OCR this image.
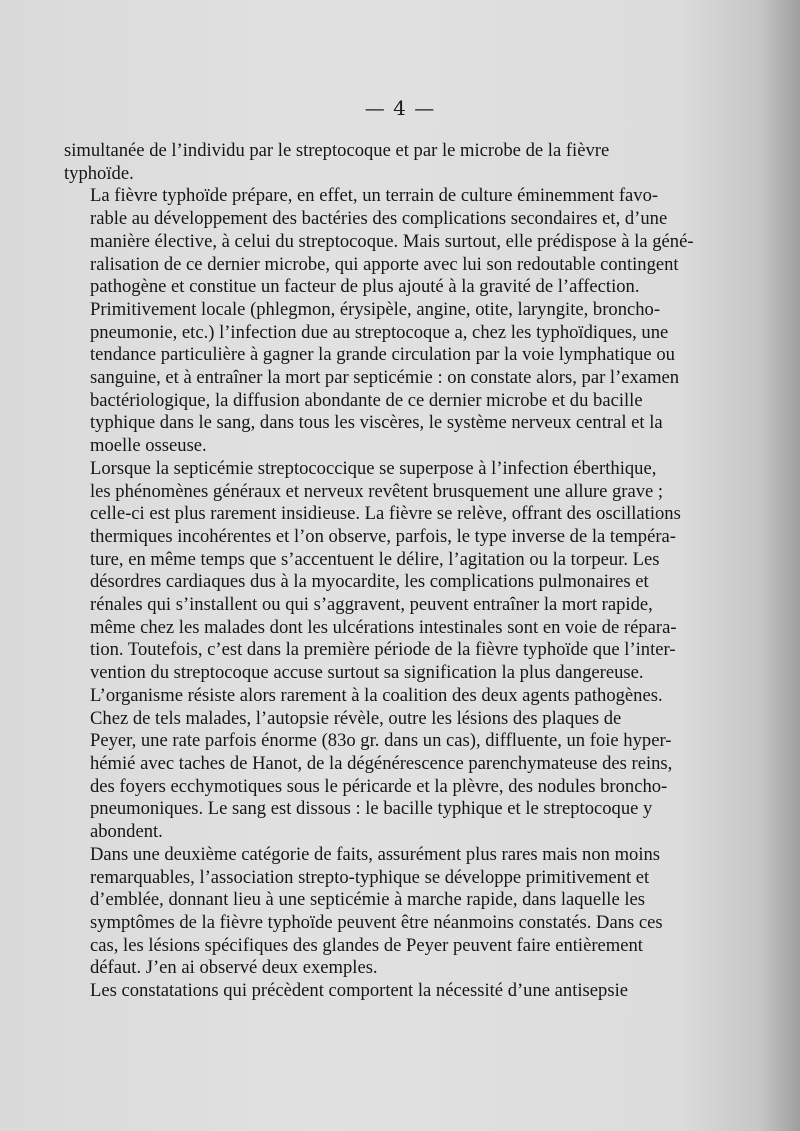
— 4 —

simultanée de l’individu par le streptocoque et par le microbe de la fièvre
typhoïde.

La fièvre typhoïde prépare, en effet, un terrain de culture éminemment favo-
rable au développement des bactéries des complications secondaires et, d’une
manière élective, à celui du streptocoque. Mais surtout, elle prédispose à la géné-
ralisation de ce dernier microbe, qui apporte avec lui son redoutable contingent
pathogène et constitue un facteur de plus ajouté à la gravité de l’affection.
Primitivement locale (phlegmon, érysipèle, angine, otite, laryngite, broncho-
pneumonie, etc.) l’infection due au streptocoque a, chez les typhoïdiques, une
tendance particulière à gagner la grande circulation par la voie lymphatique ou
sanguine, et à entraîner la mort par septicémie : on constate alors, par l’examen
bactériologique, la diffusion abondante de ce dernier microbe et du bacille
typhique dans le sang, dans tous les viscères, le système nerveux central et la
moelle osseuse.

Lorsque la septicémie streptococcique se superpose à l’infection éberthique,
les phénomènes généraux et nerveux revêtent brusquement une allure grave ;
celle-ci est plus rarement insidieuse. La fièvre se relève, offrant des oscillations
thermiques incohérentes et l’on observe, parfois, le type inverse de la tempéra-
ture, en même temps que s’accentuent le délire, l’agitation ou la torpeur. Les
désordres cardiaques dus à la myocardite, les complications pulmonaires et
rénales qui s’installent ou qui s’aggravent, peuvent entraîner la mort rapide,
même chez les malades dont les ulcérations intestinales sont en voie de répara-
tion. Toutefois, c’est dans la première période de la fièvre typhoïde que l’inter-
vention du streptocoque accuse surtout sa signification la plus dangereuse.
L’organisme résiste alors rarement à la coalition des deux agents pathogènes.

Chez de tels malades, l’autopsie révèle, outre les lésions des plaques de
Peyer, une rate parfois énorme (83o gr. dans un cas), diffluente, un foie hyper-
hémié avec taches de Hanot, de la dégénérescence parenchymateuse des reins,
des foyers ecchymotiques sous le péricarde et la plèvre, des nodules broncho-
pneumoniques. Le sang est dissous : le bacille typhique et le streptocoque y
abondent.

Dans une deuxième catégorie de faits, assurément plus rares mais non moins
remarquables, l’association strepto-typhique se développe primitivement et
d’emblée, donnant lieu à une septicémie à marche rapide, dans laquelle les
symptômes de la fièvre typhoïde peuvent être néanmoins constatés. Dans ces
cas, les lésions spécifiques des glandes de Peyer peuvent faire entièrement
défaut. J’en ai observé deux exemples.

Les constatations qui précèdent comportent la nécessité d’une antisepsie
